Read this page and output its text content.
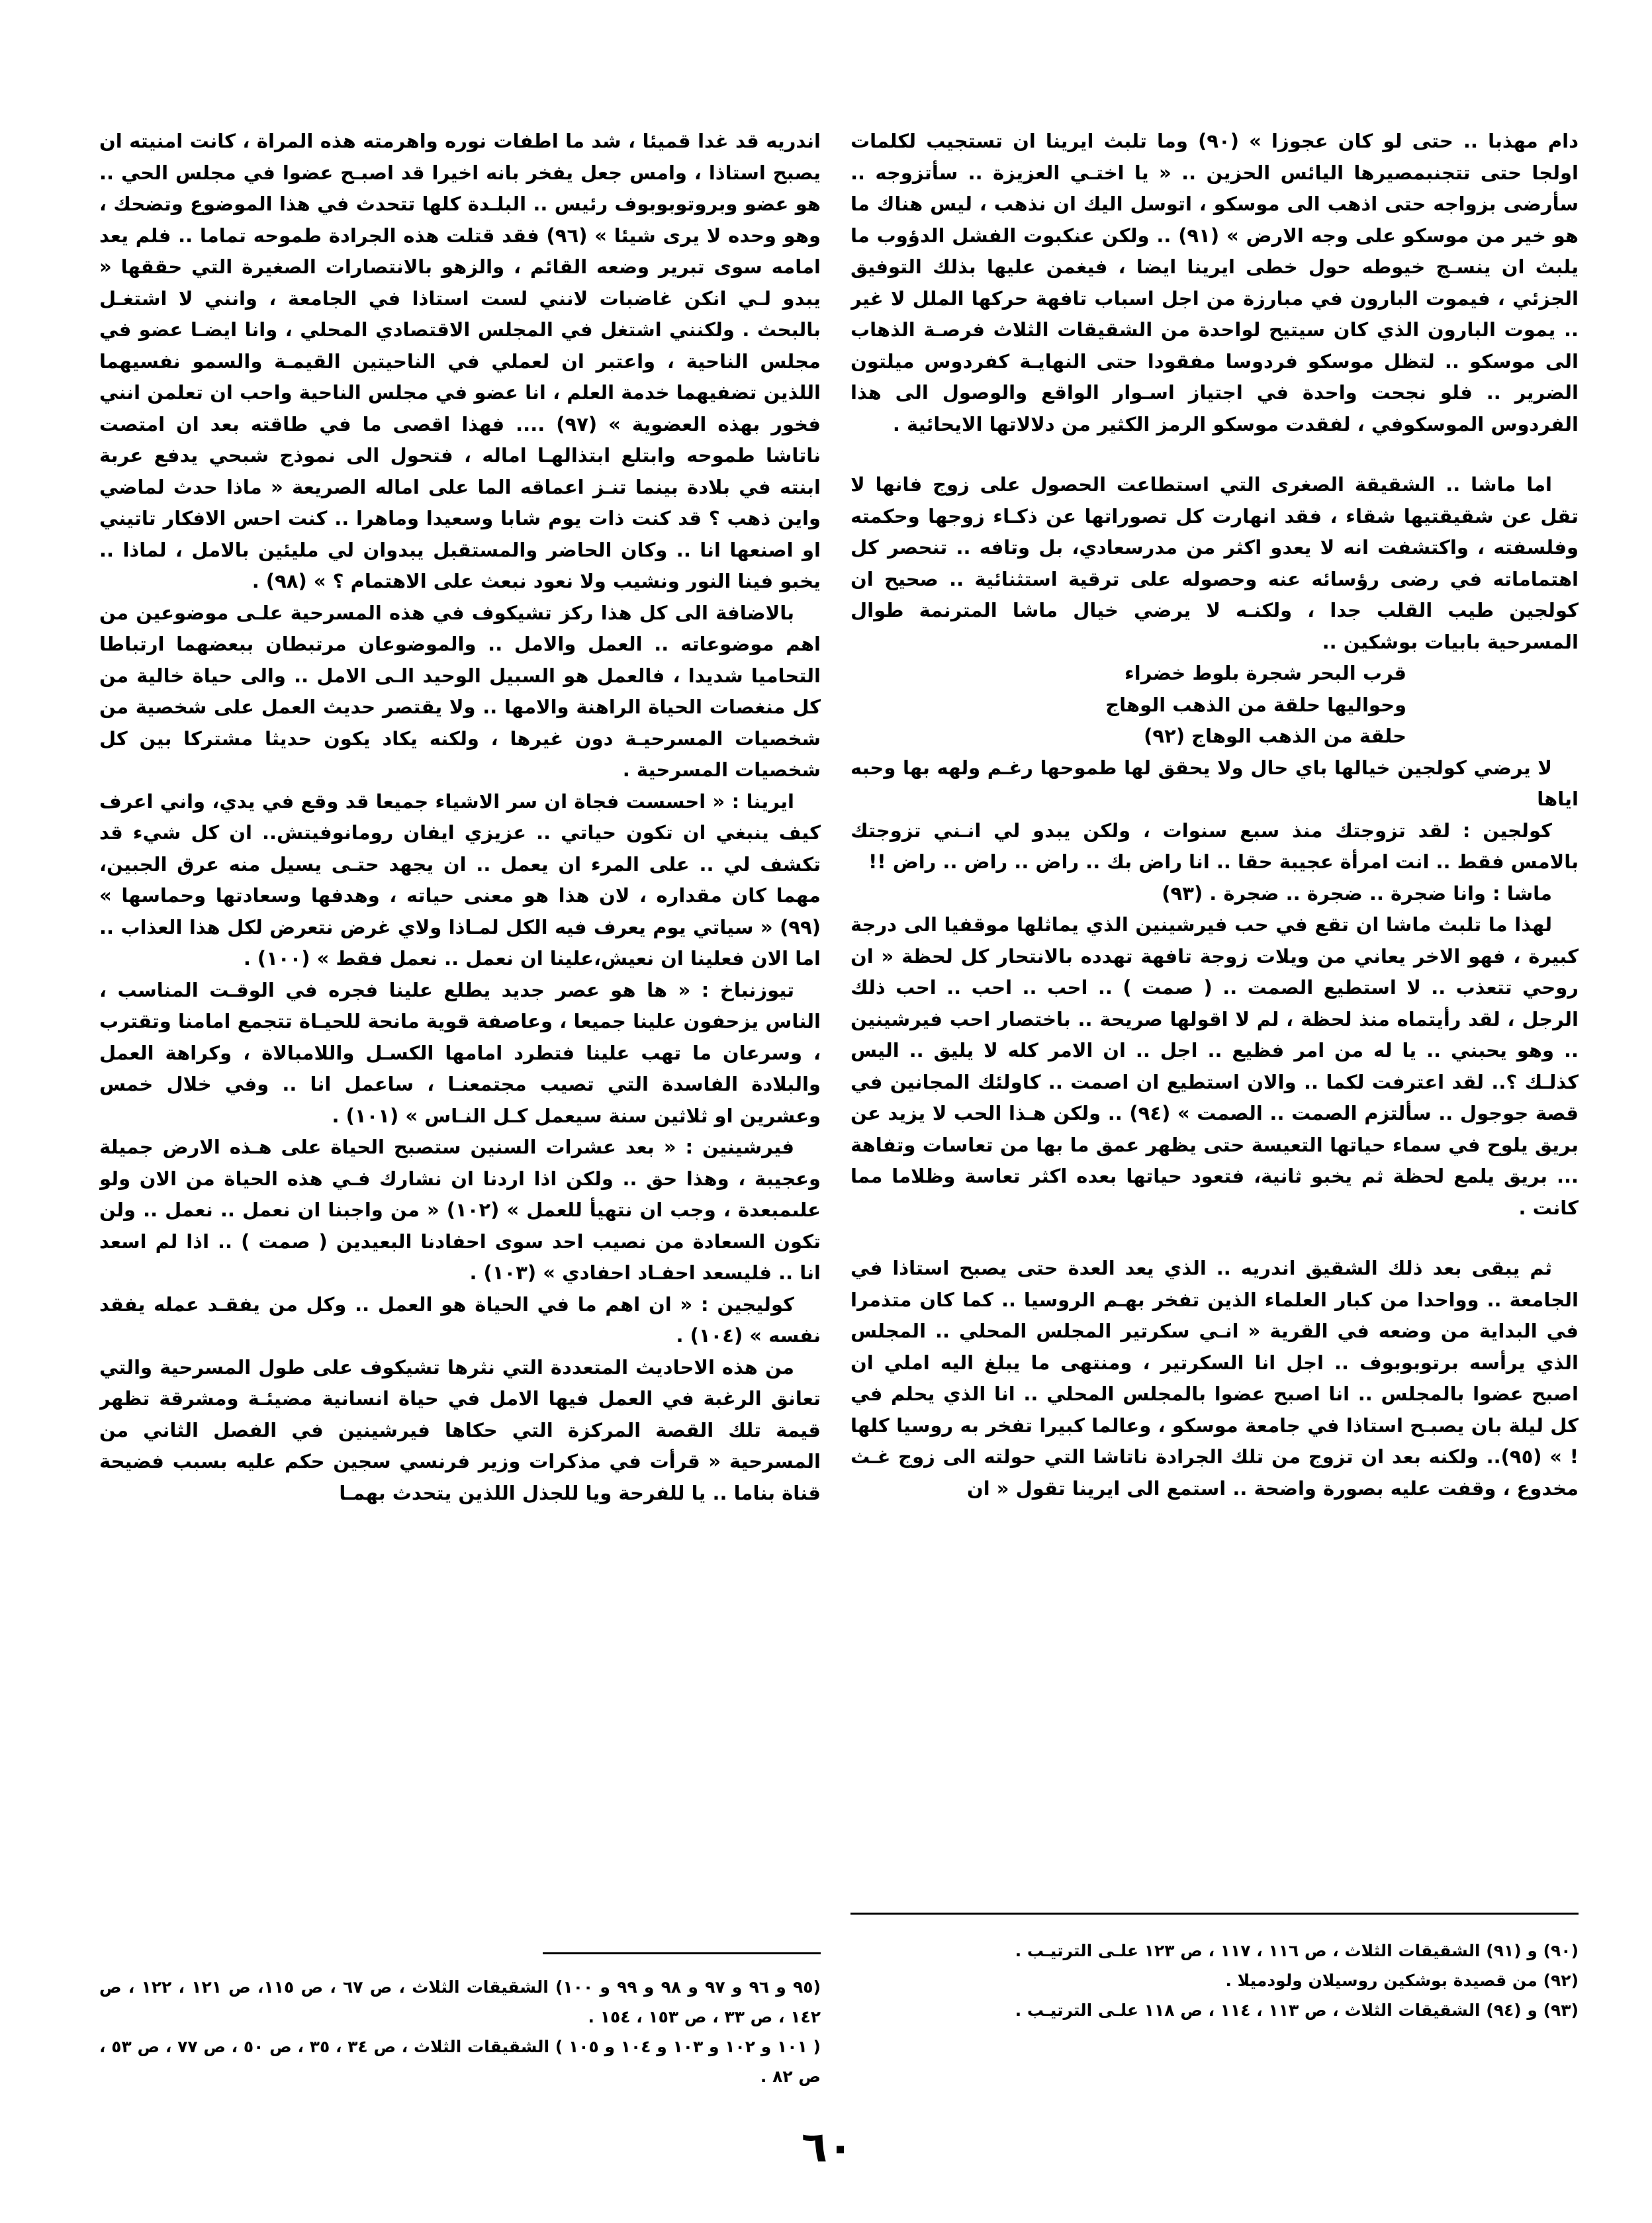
دام مهذبا .. حتى لو كان عجوزا » (٩٠) وما تلبث ايرينا ان تستجيب لكلمات اولجا حتى تتجنبمصيرها اليائس الحزين .. « يا اختـي العزيزة .. سأتزوجه .. سأرضى بزواجه حتى اذهب الى موسكو ، اتوسل اليك ان نذهب ، ليس هناك ما هو خير من موسكو على وجه الارض » (٩١) .. ولكن عنكبوت الفشل الدؤوب ما يلبث ان ينسـج خيوطه حول خطى ايرينا ايضا ، فيغمن عليها بذلك التوفيق الجزئي ، فيموت البارون في مبارزة من اجل اسباب تافهة حركها الملل لا غير .. يموت البارون الذي كان سيتيح لواحدة من الشقيقات الثلاث فرصـة الذهاب الى موسكو .. لتظل موسكو فردوسا مفقودا حتى النهايـة كفردوس ميلتون الضرير .. فلو نجحت واحدة في اجتياز اسـوار الواقع والوصول الى هذا الفردوس الموسكوفي ، لفقدت موسكو الرمز الكثير من دلالاتها الايحائية .

اما ماشا .. الشقيقة الصغرى التي استطاعت الحصول على زوج فانها لا تقل عن شقيقتيها شقاء ، فقد انهارت كل تصوراتها عن ذكـاء زوجها وحكمته وفلسفته ، واكتشفت انه لا يعدو اكثر من مدرسعادي، بل وتافه .. تنحصر كل اهتماماته في رضى رؤسائه عنه وحصوله على ترقية استثنائية .. صحيح ان كولجين طيب القلب جدا ، ولكنـه لا يرضي خيال ماشا المترنمة طوال المسرحية بابيات بوشكين ..

قرب البحر شجرة بلوط خضراء

وحواليها حلقة من الذهب الوهاج

حلقة من الذهب الوهاج (٩٢)

لا يرضي كولجين خيالها باي حال ولا يحقق لها طموحها رغـم ولهه بها وحبه اياها

كولجين : لقد تزوجتك منذ سبع سنوات ، ولكن يبدو لي انـني تزوجتك بالامس فقط .. انت امرأة عجيبة حقا .. انا راض بك .. راض .. راض .. راض !!

ماشا : وانا ضجرة .. ضجرة .. ضجرة . (٩٣)

لهذا ما تلبث ماشا ان تقع في حب فيرشينين الذي يماثلها موقفيا الى درجة كبيرة ، فهو الاخر يعاني من ويلات زوجة تافهة تهدده بالانتحار كل لحظة « ان روحي تتعذب .. لا استطيع الصمت .. ( صمت ) .. احب .. احب .. احب ذلك الرجل ، لقد رأيتماه منذ لحظة ، لم لا اقولها صريحة .. باختصار احب فيرشينين .. وهو يحبني .. يا له من امر فظيع .. اجل .. ان الامر كله لا يليق .. اليس كذلـك ؟.. لقد اعترفت لكما .. والان استطيع ان اصمت .. كاولئك المجانين في قصة جوجول .. سألتزم الصمت .. الصمت » (٩٤) .. ولكن هـذا الحب لا يزيد عن بريق يلوح في سماء حياتها التعيسة حتى يظهر عمق ما بها من تعاسات وتفاهة ... بريق يلمع لحظة ثم يخبو ثانية، فتعود حياتها بعده اكثر تعاسة وظلاما مما كانت .

ثم يبقى بعد ذلك الشقيق اندريه .. الذي يعد العدة حتى يصبح استاذا في الجامعة .. وواحدا من كبار العلماء الذين تفخر بهـم الروسيا .. كما كان متذمرا في البداية من وضعه في القرية « انـي سكرتير المجلس المحلي .. المجلس الذي يرأسه برتوبوبوف .. اجل انا السكرتير ، ومنتهى ما يبلغ اليه املي ان اصبح عضوا بالمجلس .. انا اصبح عضوا بالمجلس المحلي .. انا الذي يحلم في كل ليلة بان يصبـح استاذا في جامعة موسكو ، وعالما كبيرا تفخر به روسيا كلها ! » (٩٥).. ولكنه بعد ان تزوج من تلك الجرادة ناتاشا التي حولته الى زوج غـث مخدوع ، وقفت عليه بصورة واضحة .. استمع الى ايرينا تقول « ان

(٩٠) و (٩١) الشقيقات الثلاث ، ص ١١٦ ، ١١٧ ، ص ١٢٣ علـى الترتيـب .

(٩٢) من قصيدة بوشكين روسيلان ولودميلا .

(٩٣) و (٩٤) الشقيقات الثلاث ، ص ١١٣ ، ١١٤ ، ص ١١٨ علـى الترتيـب .

اندريه قد غدا قميئا ، شد ما اطفات نوره واهرمته هذه المراة ، كانت امنيته ان يصبح استاذا ، وامس جعل يفخر بانه اخيرا قد اصبـح عضوا في مجلس الحي .. هو عضو وبروتوبوبوف رئيس .. البلـدة كلها تتحدث في هذا الموضوع وتضحك ، وهو وحده لا يرى شيئا » (٩٦) فقد قتلت هذه الجرادة طموحه تماما .. فلم يعد امامه سوى تبرير وضعه القائم ، والزهو بالانتصارات الصغيرة التي حققها « يبدو لـي انكن غاضبات لانني لست استاذا في الجامعة ، وانني لا اشتغـل بالبحث . ولكنني اشتغل في المجلس الاقتصادي المحلي ، وانا ايضـا عضو في مجلس الناحية ، واعتبر ان لعملي في الناحيتين القيمـة والسمو نفسيهما اللذين تضفيهما خدمة العلم ، انا عضو في مجلس الناحية واحب ان تعلمن انني فخور بهذه العضوية » (٩٧) .... فهذا اقصى ما في طاقته بعد ان امتصت ناتاشا طموحه وابتلع ابتذالهـا اماله ، فتحول الى نموذج شبحي يدفع عربة ابنته في بلادة بينما تنـز اعماقه الما على اماله الصريعة « ماذا حدث لماضي واين ذهب ؟ قد كنت ذات يوم شابا وسعيدا وماهرا .. كنت احس الافكار تاتيني او اصنعها انا .. وكان الحاضر والمستقبل يبدوان لي مليئين بالامل ، لماذا .. يخبو فينا النور ونشيب ولا نعود نبعث على الاهتمام ؟ » (٩٨) .

بالاضافة الى كل هذا ركز تشيكوف في هذه المسرحية علـى موضوعين من اهم موضوعاته .. العمل والامل .. والموضوعان مرتبطان ببعضهما ارتباطا التحاميا شديدا ، فالعمل هو السبيل الوحيد الـى الامل .. والى حياة خالية من كل منغصات الحياة الراهنة والامها .. ولا يقتصر حديث العمل على شخصية من شخصيات المسرحيـة دون غيرها ، ولكنه يكاد يكون حديثا مشتركا بين كل شخصيات المسرحية .

ايرينا : « احسست فجاة ان سر الاشياء جميعا قد وقع في يدي، واني اعرف كيف ينبغي ان تكون حياتي .. عزيزي ايفان رومانوفيتش.. ان كل شيء قد تكشف لي .. على المرء ان يعمل .. ان يجهد حتـى يسيل منه عرق الجبين، مهما كان مقداره ، لان هذا هو معنى حياته ، وهدفها وسعادتها وحماسها » (٩٩) « سياتي يوم يعرف فيه الكل لمـاذا ولاي غرض نتعرض لكل هذا العذاب .. اما الان فعلينا ان نعيش،علينا ان نعمل .. نعمل فقط » (١٠٠) .

تيوزنباخ : « ها هو عصر جديد يطلع علينا فجره في الوقـت المناسب ، الناس يزحفون علينا جميعا ، وعاصفة قوية مانحة للحيـاة تتجمع امامنا وتقترب ، وسرعان ما تهب علينا فتطرد امامها الكسـل واللامبالاة ، وكراهة العمل والبلادة الفاسدة التي تصيب مجتمعنـا ، ساعمل انا .. وفي خلال خمس وعشرين او ثلاثين سنة سيعمل كـل النـاس » (١٠١) .

فيرشينين : « بعد عشرات السنين ستصبح الحياة على هـذه الارض جميلة وعجيبة ، وهذا حق .. ولكن اذا اردنا ان نشارك فـي هذه الحياة من الان ولو علىمبعدة ، وجب ان نتهيأ للعمل » (١٠٢) « من واجبنا ان نعمل .. نعمل .. ولن تكون السعادة من نصيب احد سوى احفادنا البعيدين ( صمت ) .. اذا لم اسعد انا .. فليسعد احفـاد احفادي » (١٠٣) .

كوليجين : « ان اهم ما في الحياة هو العمل .. وكل من يفقـد عمله يفقد نفسه » (١٠٤) .

من هذه الاحاديث المتعددة التي نثرها تشيكوف على طول المسرحية والتي تعانق الرغبة في العمل فيها الامل في حياة انسانية مضيئـة ومشرقة تظهر قيمة تلك القصة المركزة التي حكاها فيرشينين في الفصل الثاني من المسرحية « قرأت في مذكرات وزير فرنسي سجين حكم عليه بسبب فضيحة قناة بناما .. يا للفرحة ويا للجذل اللذين يتحدث بهمـا

(٩٥ و ٩٦ و ٩٧ و ٩٨ و ٩٩ و ١٠٠) الشقيقات الثلاث ، ص ٦٧ ، ص ١١٥، ص ١٢١ ، ١٢٢ ، ص ١٤٢ ، ص ٣٣ ، ص ١٥٣ ، ١٥٤ .

( ١٠١ و ١٠٢ و ١٠٣ و ١٠٤ و ١٠٥ ) الشقيقات الثلاث ، ص ٣٤ ، ٣٥ ، ص ٥٠ ، ص ٧٧ ، ص ٥٣ ، ص ٨٢ .

٦٠
